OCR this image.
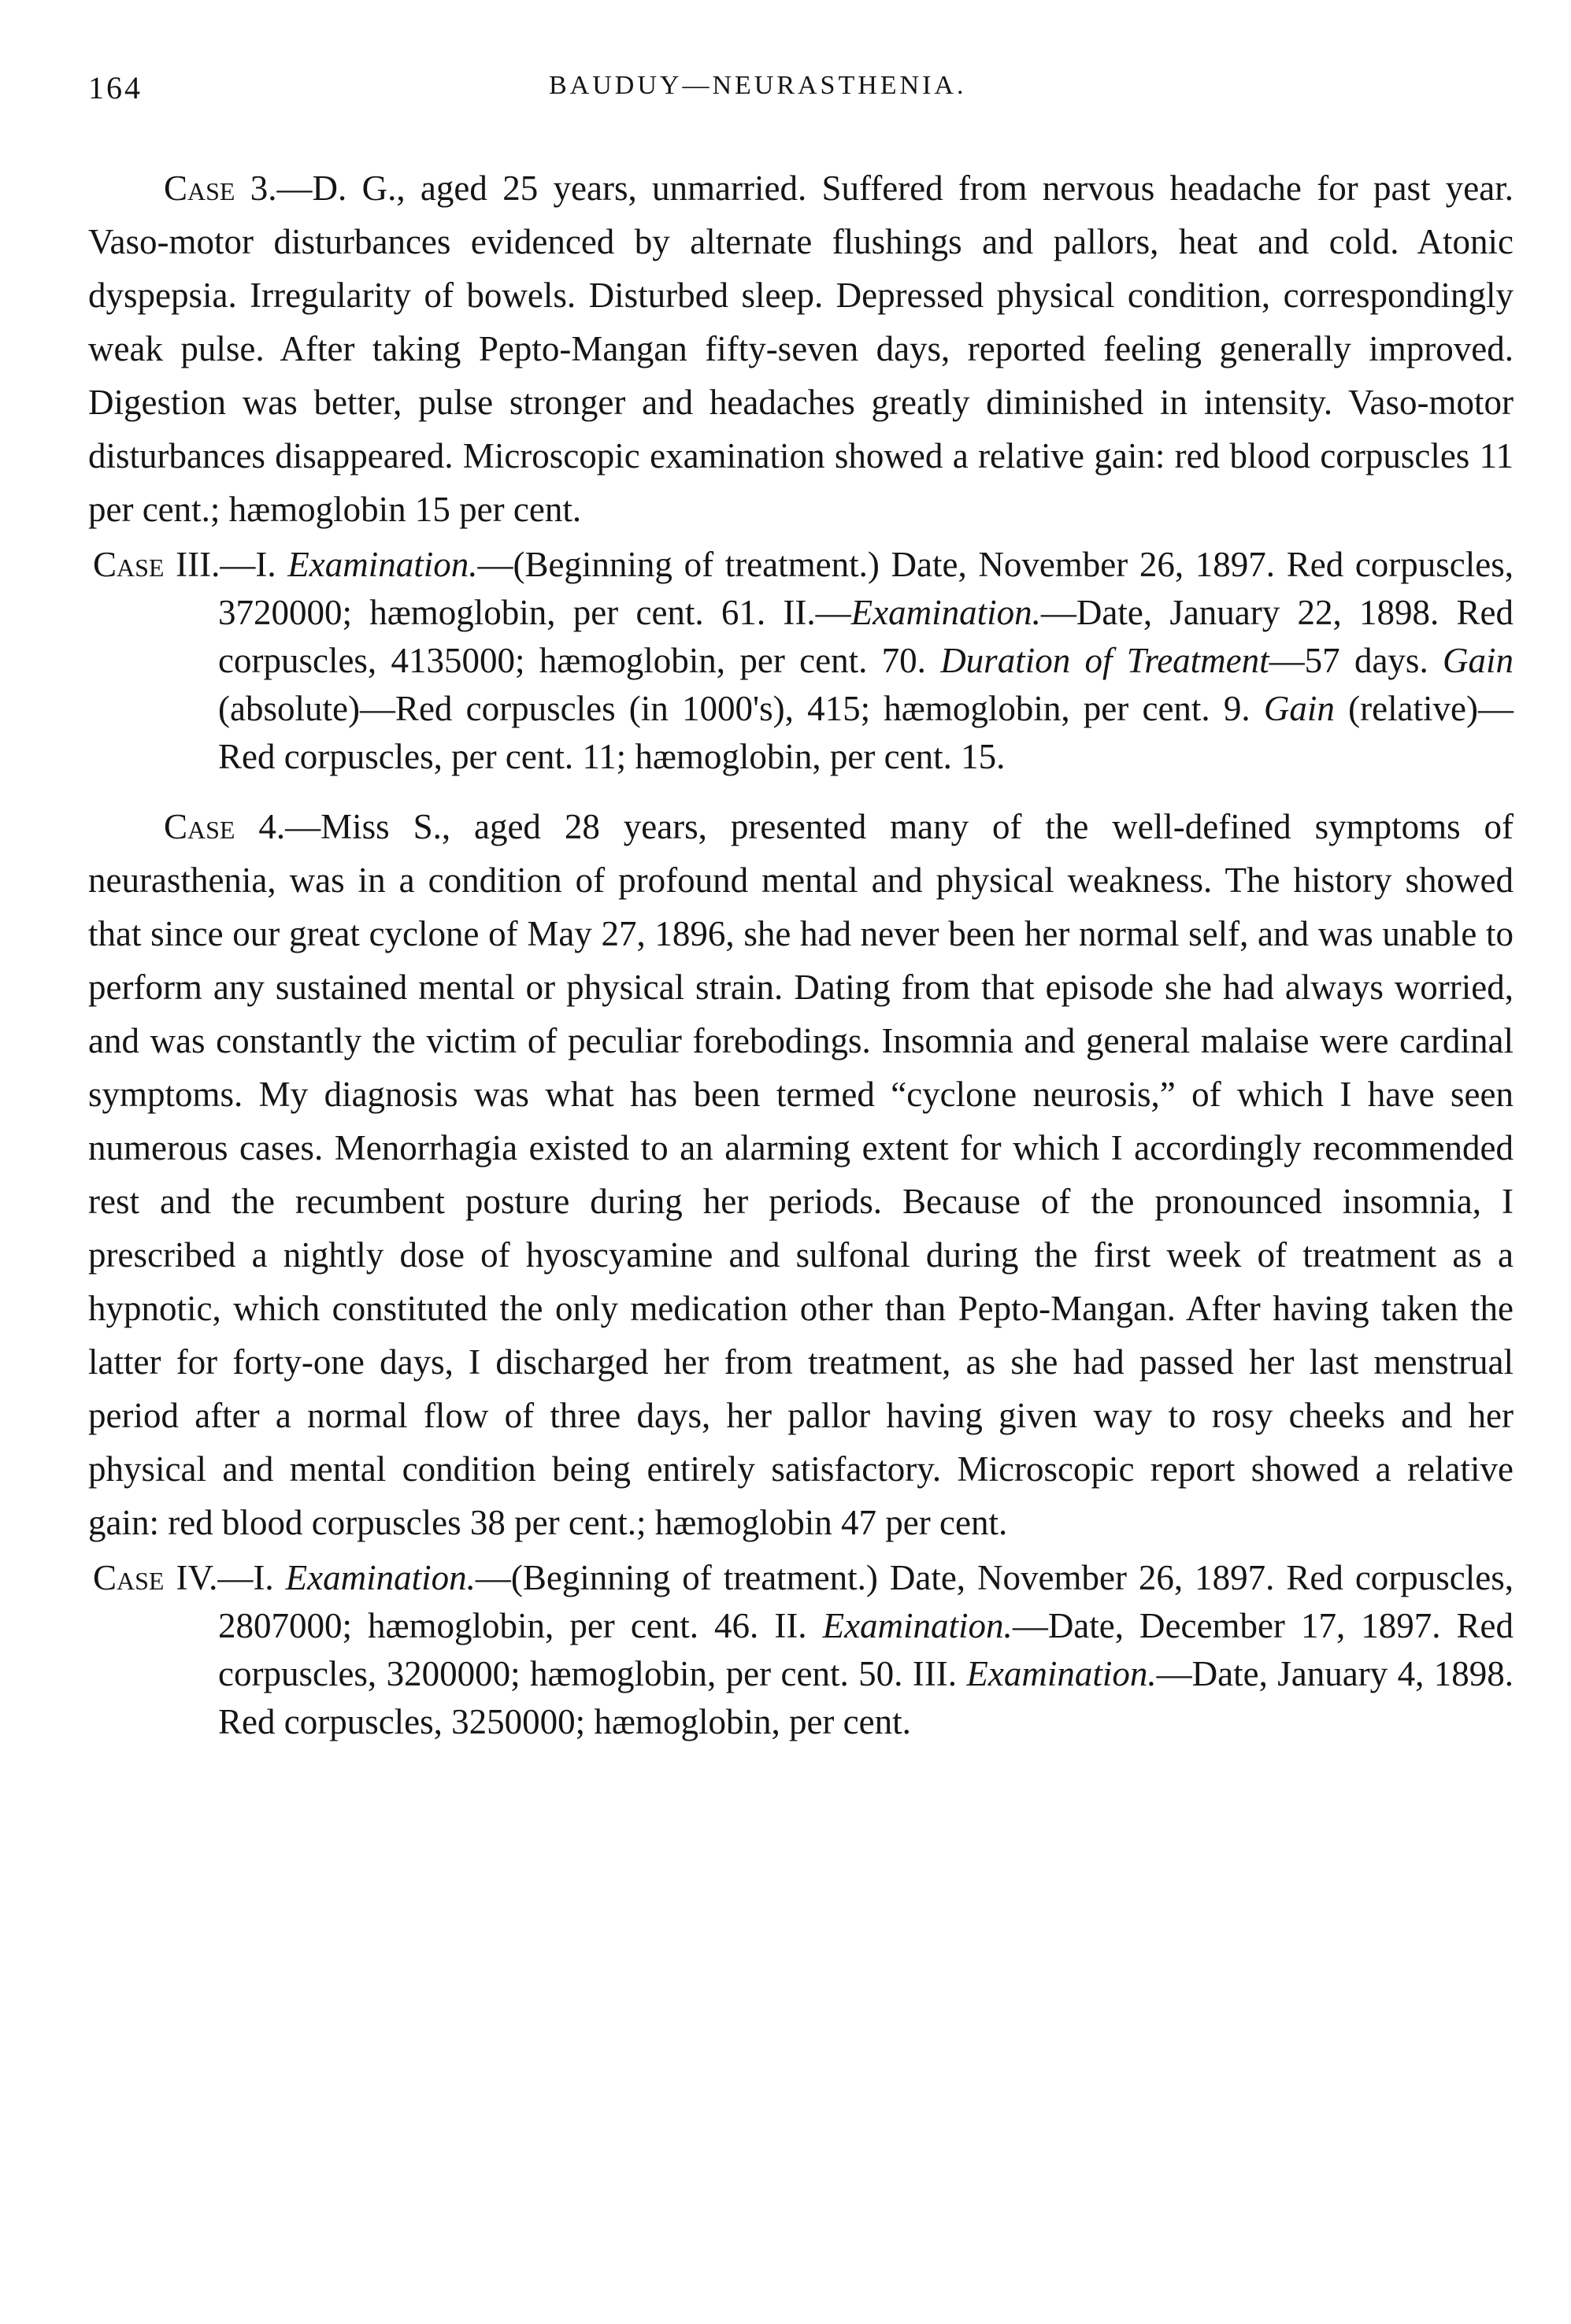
164	BAUDUY—NEURASTHENIA.

Case 3.—D. G., aged 25 years, unmarried. Suffered from nervous headache for past year. Vaso-motor disturbances evidenced by alternate flushings and pallors, heat and cold. Atonic dyspepsia. Irregularity of bowels. Disturbed sleep. Depressed physical condition, correspondingly weak pulse. After taking Pepto-Mangan fifty-seven days, reported feeling generally improved. Digestion was better, pulse stronger and headaches greatly diminished in intensity. Vaso-motor disturbances disappeared. Microscopic examination showed a relative gain: red blood corpuscles 11 per cent.; hæmoglobin 15 per cent.

Case III.—I. Examination.—(Beginning of treatment.) Date, November 26, 1897. Red corpuscles, 3720000; hæmoglobin, per cent. 61. II.—Examination.—Date, January 22, 1898. Red corpuscles, 4135000; hæmoglobin, per cent. 70. Duration of Treatment—57 days. Gain (absolute)—Red corpuscles (in 1000's), 415; hæmoglobin, per cent. 9. Gain (relative)—Red corpuscles, per cent. 11; hæmoglobin, per cent. 15.

Case 4.—Miss S., aged 28 years, presented many of the well-defined symptoms of neurasthenia, was in a condition of profound mental and physical weakness. The history showed that since our great cyclone of May 27, 1896, she had never been her normal self, and was unable to perform any sustained mental or physical strain. Dating from that episode she had always worried, and was constantly the victim of peculiar forebodings. Insomnia and general malaise were cardinal symptoms. My diagnosis was what has been termed “cyclone neurosis,” of which I have seen numerous cases. Menorrhagia existed to an alarming extent for which I accordingly recommended rest and the recumbent posture during her periods. Because of the pronounced insomnia, I prescribed a nightly dose of hyoscyamine and sulfonal during the first week of treatment as a hypnotic, which constituted the only medication other than Pepto-Mangan. After having taken the latter for forty-one days, I discharged her from treatment, as she had passed her last menstrual period after a normal flow of three days, her pallor having given way to rosy cheeks and her physical and mental condition being entirely satisfactory. Microscopic report showed a relative gain: red blood corpuscles 38 per cent.; hæmoglobin 47 per cent.

Case IV.—I. Examination.—(Beginning of treatment.) Date, November 26, 1897. Red corpuscles, 2807000; hæmoglobin, per cent. 46. II. Examination.—Date, December 17, 1897. Red corpuscles, 3200000; hæmoglobin, per cent. 50. III. Examination.—Date, January 4, 1898. Red corpuscles, 3250000; hæmoglobin, per cent.
